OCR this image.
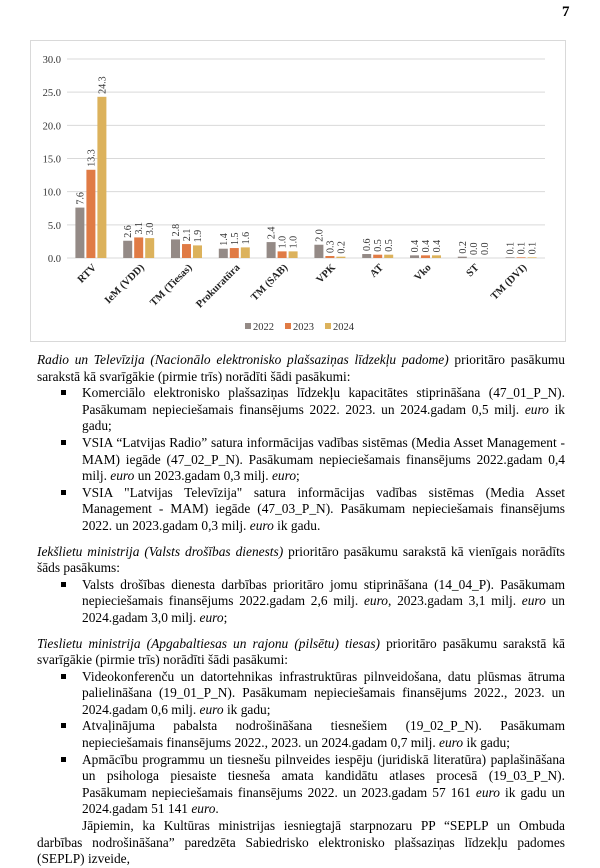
7
0.0
5.0
10.0
15.0
20.0
25.0
30.0
7.6
13.3
24.3
RTV
2.6 3.1 3.0
IeM (VDD)
2.8 2.1 1.9
TM (Tiesas)
1.4 1.5 1.6
Prokuratūra
2.4
1.0 1.0
TM (SAB)
2.0
0.3 0.2
VPK
0.6 0.5 0.5
AT
0.4 0.4 0.4
Vko
0.2 0.0 0.0
ST
0.1 0.1 0.1
TM (DVI)
2022 2023 2024

Radio un Televīzija (Nacionālo elektronisko plašsaziņas līdzekļu padome) prioritāro pasākumu sarakstā kā svarīgākie (pirmie trīs) norādīti šādi pasākumi:

Komerciālo elektronisko plašsaziņas līdzekļu kapacitātes stiprināšana (47_01_P_N). Pasākumam nepieciešamais finansējums 2022. 2023. un 2024.gadam 0,5 milj. euro ik gadu;
VSIA “Latvijas Radio” satura informācijas vadības sistēmas (Media Asset Management - MAM) iegāde (47_02_P_N). Pasākumam nepieciešamais finansējums 2022.gadam 0,4 milj. euro un 2023.gadam 0,3 milj. euro;
VSIA "Latvijas Televīzija" satura informācijas vadības sistēmas (Media Asset Management - MAM) iegāde (47_03_P_N). Pasākumam nepieciešamais finansējums 2022. un 2023.gadam 0,3 milj. euro ik gadu.

Iekšlietu ministrija (Valsts drošības dienests) prioritāro pasākumu sarakstā kā vienīgais norādīts šāds pasākums:

Valsts drošības dienesta darbības prioritāro jomu stiprināšana (14_04_P). Pasākumam nepieciešamais finansējums 2022.gadam 2,6 milj. euro, 2023.gadam 3,1 milj. euro un 2024.gadam 3,0 milj. euro;

Tieslietu ministrija (Apgabaltiesas un rajonu (pilsētu) tiesas) prioritāro pasākumu sarakstā kā svarīgākie (pirmie trīs) norādīti šādi pasākumi:

Videokonferenču un datortehnikas infrastruktūras pilnveidošana, datu plūsmas ātruma palielināšana (19_01_P_N). Pasākumam nepieciešamais finansējums 2022., 2023. un 2024.gadam 0,6 milj. euro ik gadu;
Atvaļinājuma pabalsta nodrošināšana tiesnešiem (19_02_P_N). Pasākumam nepieciešamais finansējums 2022., 2023. un 2024.gadam 0,7 milj. euro ik gadu;
Apmācību programmu un tiesnešu pilnveides iespēju (juridiskā literatūra) paplašināšana un psihologa piesaiste tiesneša amata kandidātu atlases procesā (19_03_P_N). Pasākumam nepieciešamais finansējums 2022. un 2023.gadam 57 161 euro ik gadu un 2024.gadam 51 141 euro.

Jāpiemin, ka Kultūras ministrijas iesniegtajā starpnozaru PP “SEPLP un Ombuda darbības nodrošināšana” paredzēta Sabiedrisko elektronisko plašsaziņas līdzekļu padomes (SEPLP) izveide,
